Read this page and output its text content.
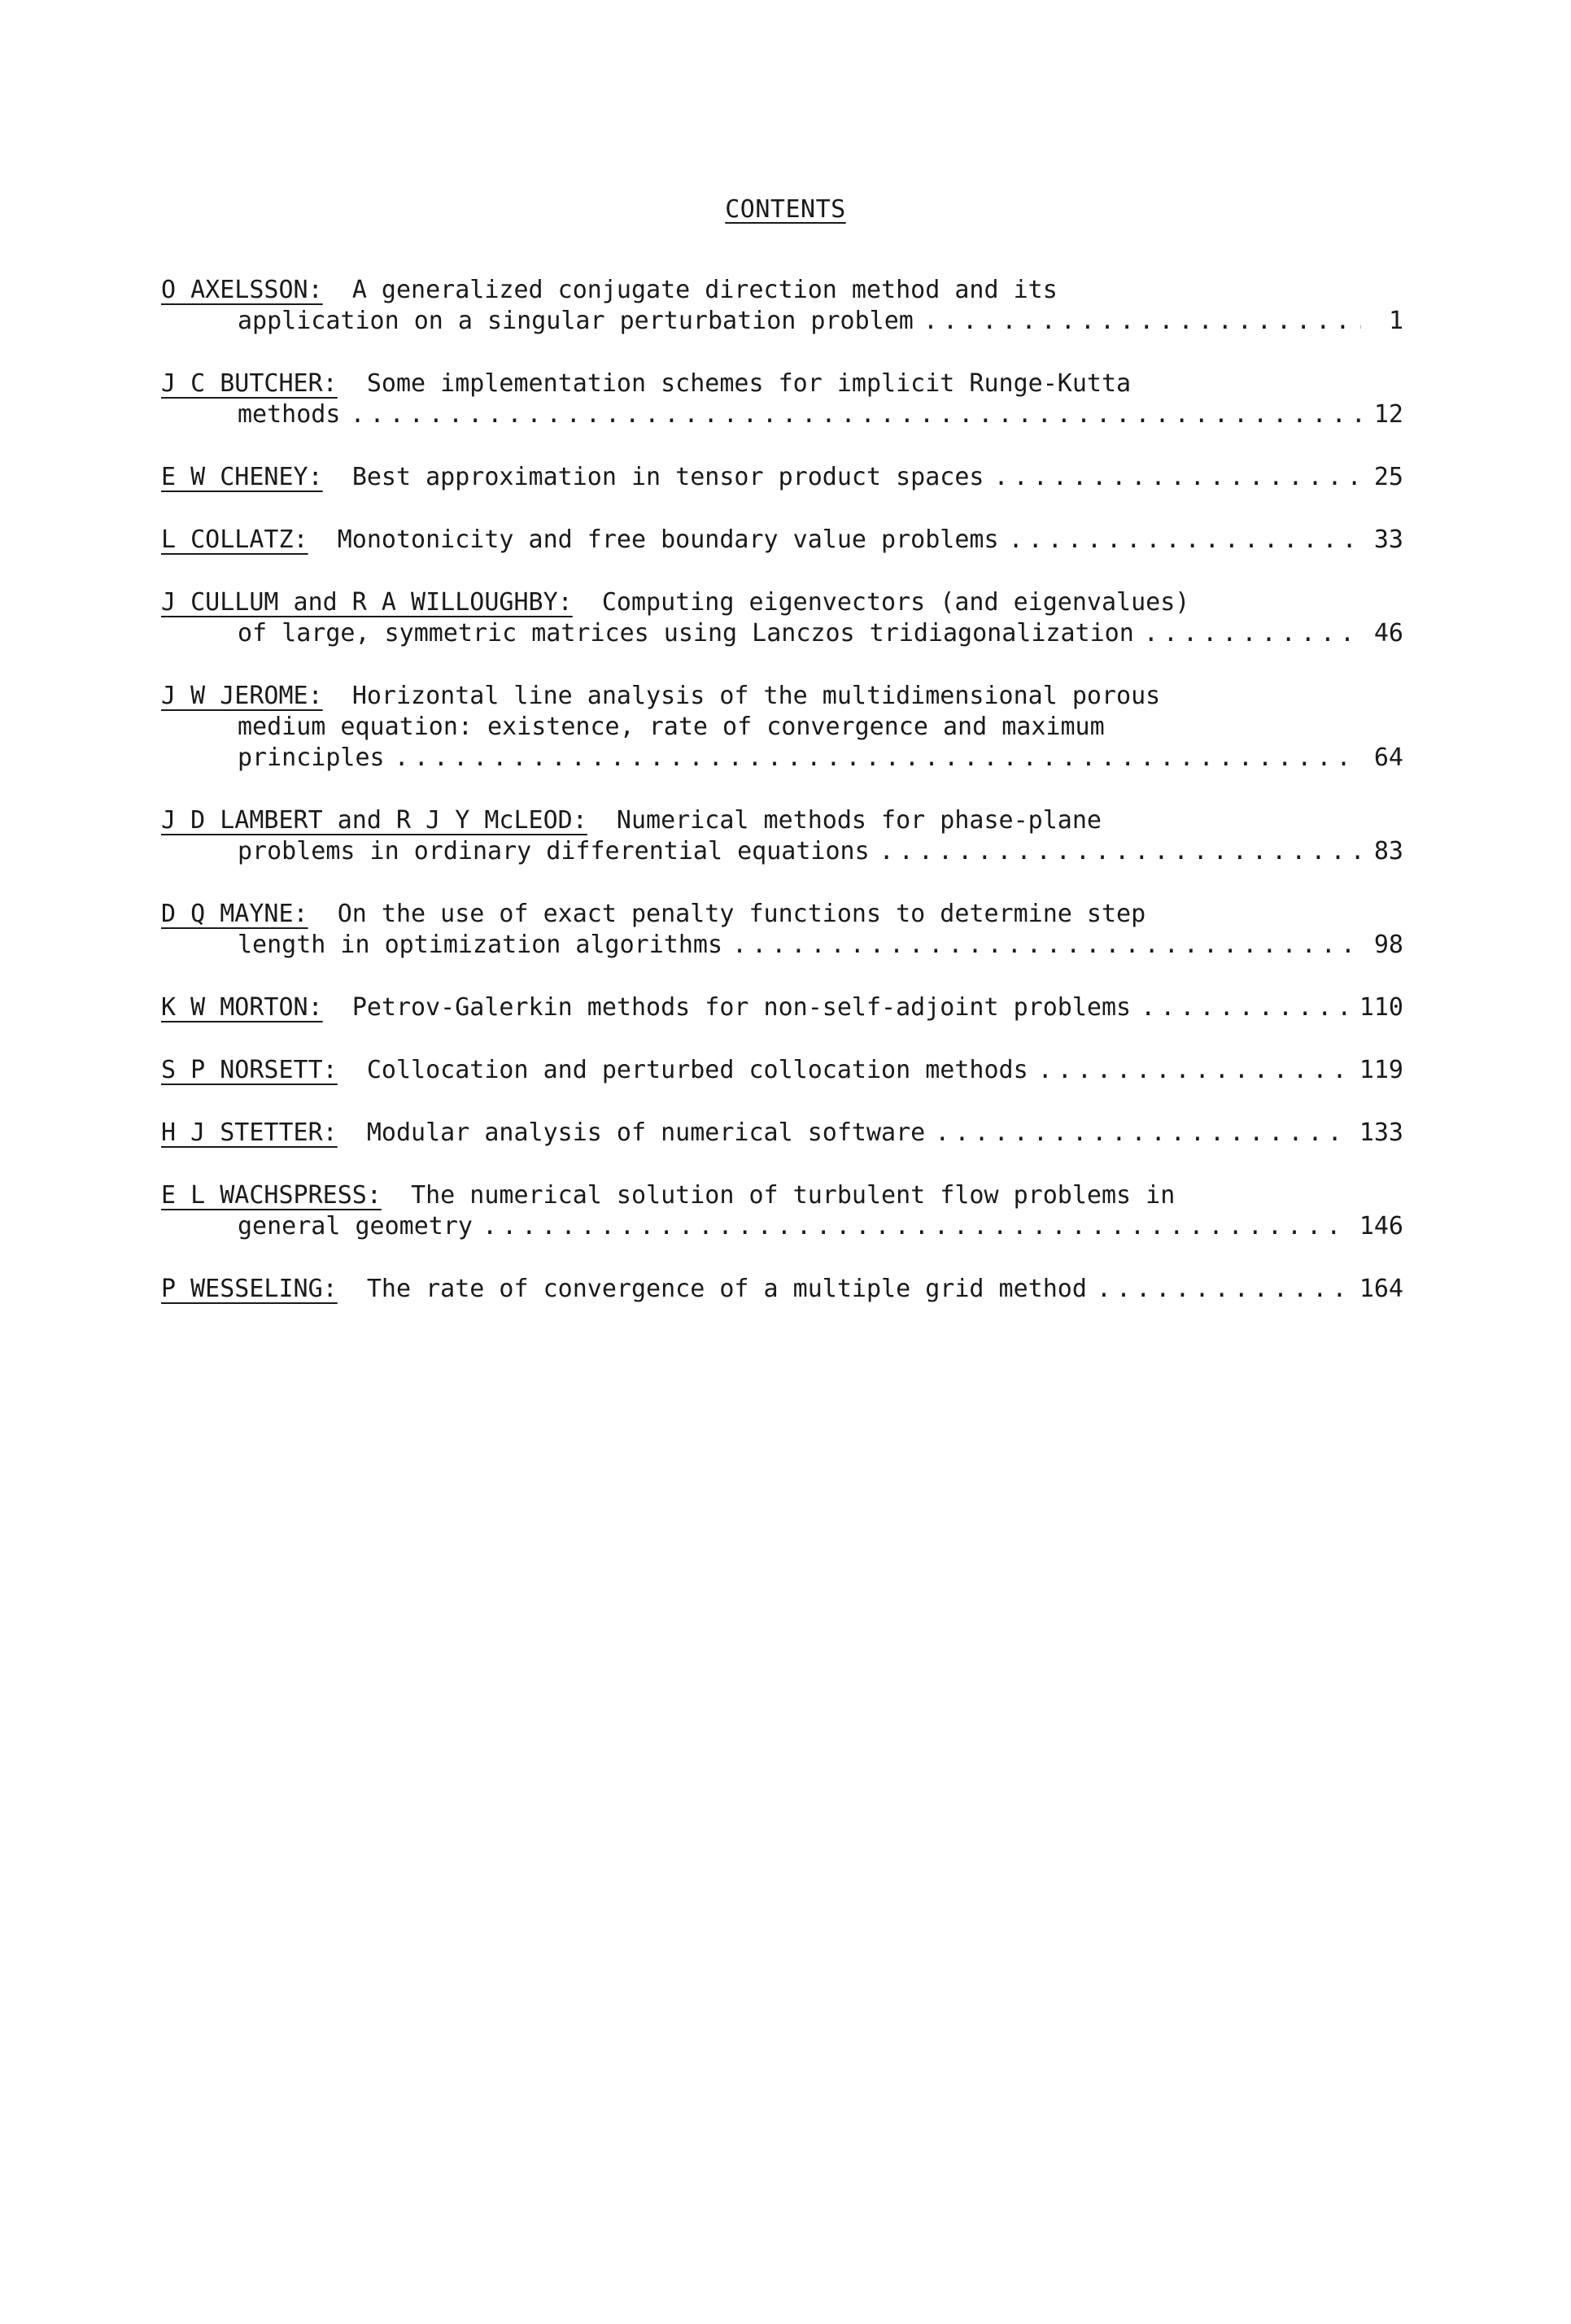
CONTENTS
O AXELSSON: A generalized conjugate direction method and its
application on a singular perturbation problem . . .	1
J C BUTCHER: Some implementation schemes for implicit Runge-Kutta
methods . . .	12
E W CHENEY: Best approximation in tensor product spaces . . .	25
L COLLATZ: Monotonicity and free boundary value problems . . .	33
J CULLUM and R A WILLOUGHBY: Computing eigenvectors (and eigenvalues)
of large, symmetric matrices using Lanczos tridiagonalization . . .	46
J W JEROME: Horizontal line analysis of the multidimensional porous
medium equation: existence, rate of convergence and maximum
principles . . .	64
J D LAMBERT and R J Y McLEOD: Numerical methods for phase-plane
problems in ordinary differential equations . . .	83
D Q MAYNE: On the use of exact penalty functions to determine step
length in optimization algorithms . . .	98
K W MORTON: Petrov-Galerkin methods for non-self-adjoint problems . . .	110
S P NORSETT: Collocation and perturbed collocation methods . . .	119
H J STETTER: Modular analysis of numerical software . . .	133
E L WACHSPRESS: The numerical solution of turbulent flow problems in
general geometry . . .	146
P WESSELING: The rate of convergence of a multiple grid method . . .	164
